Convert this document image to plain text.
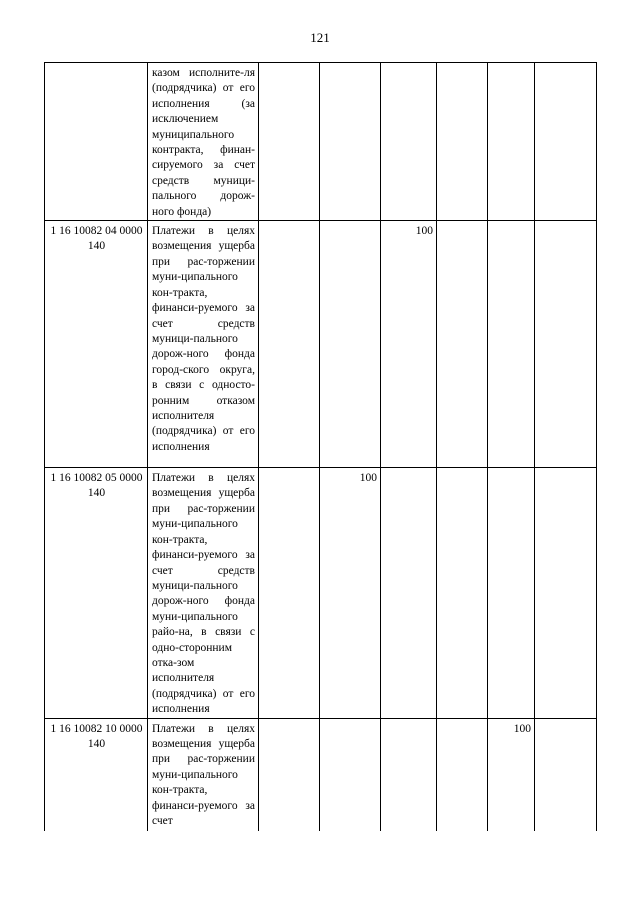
121
	казом исполните-ля (подрядчика) от его исполнения (за исключением муниципального контракта, финан-сируемого за счет средств муници-пального дорож-ного фонда)						
1 16 10082 04 0000 140	Платежи в целях возмещения ущерба при рас-торжении муни-ципального кон-тракта, финанси-руемого за счет средств муници-пального дорож-ного фонда город-ского округа, в связи с односто-ронним отказом исполнителя (подрядчика) от его исполнения			100			
1 16 10082 05 0000 140	Платежи в целях возмещения ущерба при рас-торжении муни-ципального кон-тракта, финанси-руемого за счет средств муници-пального дорож-ного фонда муни-ципального райо-на, в связи с одно-сторонним отка-зом исполнителя (подрядчика) от его исполнения		100				
1 16 10082 10 0000 140	Платежи в целях возмещения ущерба при рас-торжении муни-ципального кон-тракта, финанси-руемого за счет					100	
